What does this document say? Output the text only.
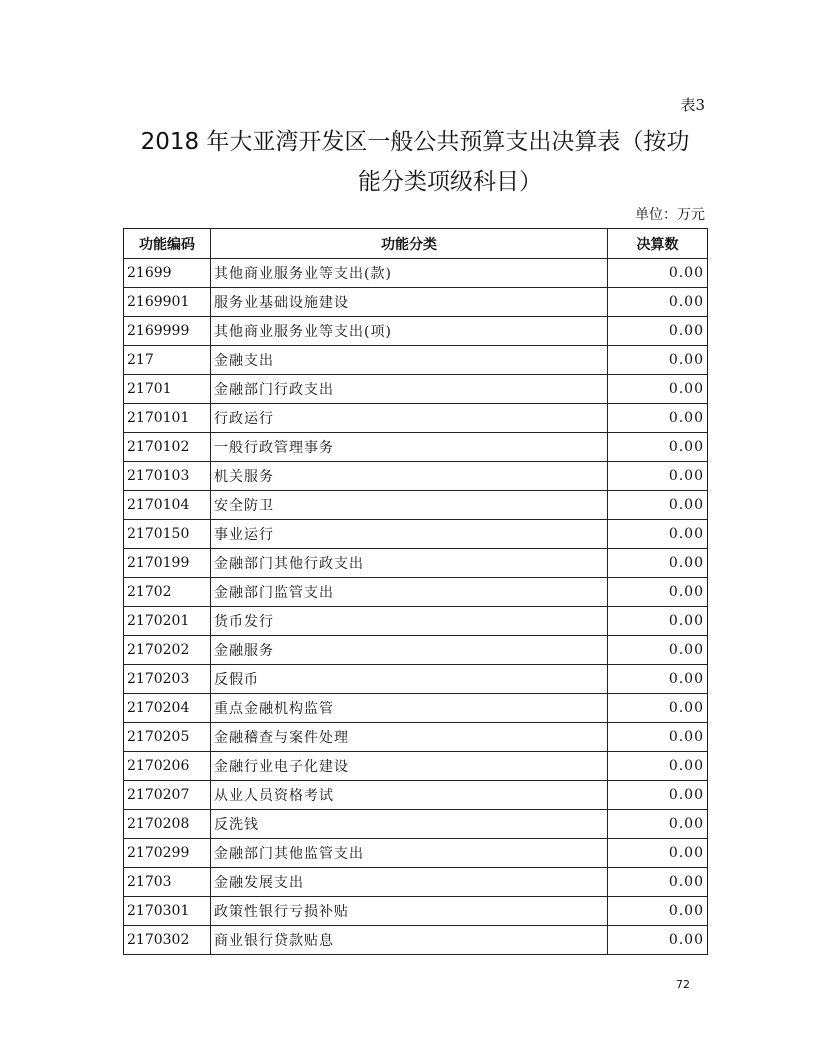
表3
2018 年大亚湾开发区一般公共预算支出决算表（按功
能分类项级科目）
单位：万元
功能编码	功能分类	决算数
21699	其他商业服务业等支出(款)	0.00
2169901	服务业基础设施建设	0.00
2169999	其他商业服务业等支出(项)	0.00
217	金融支出	0.00
21701	金融部门行政支出	0.00
2170101	行政运行	0.00
2170102	一般行政管理事务	0.00
2170103	机关服务	0.00
2170104	安全防卫	0.00
2170150	事业运行	0.00
2170199	金融部门其他行政支出	0.00
21702	金融部门监管支出	0.00
2170201	货币发行	0.00
2170202	金融服务	0.00
2170203	反假币	0.00
2170204	重点金融机构监管	0.00
2170205	金融稽查与案件处理	0.00
2170206	金融行业电子化建设	0.00
2170207	从业人员资格考试	0.00
2170208	反洗钱	0.00
2170299	金融部门其他监管支出	0.00
21703	金融发展支出	0.00
2170301	政策性银行亏损补贴	0.00
2170302	商业银行贷款贴息	0.00
72
